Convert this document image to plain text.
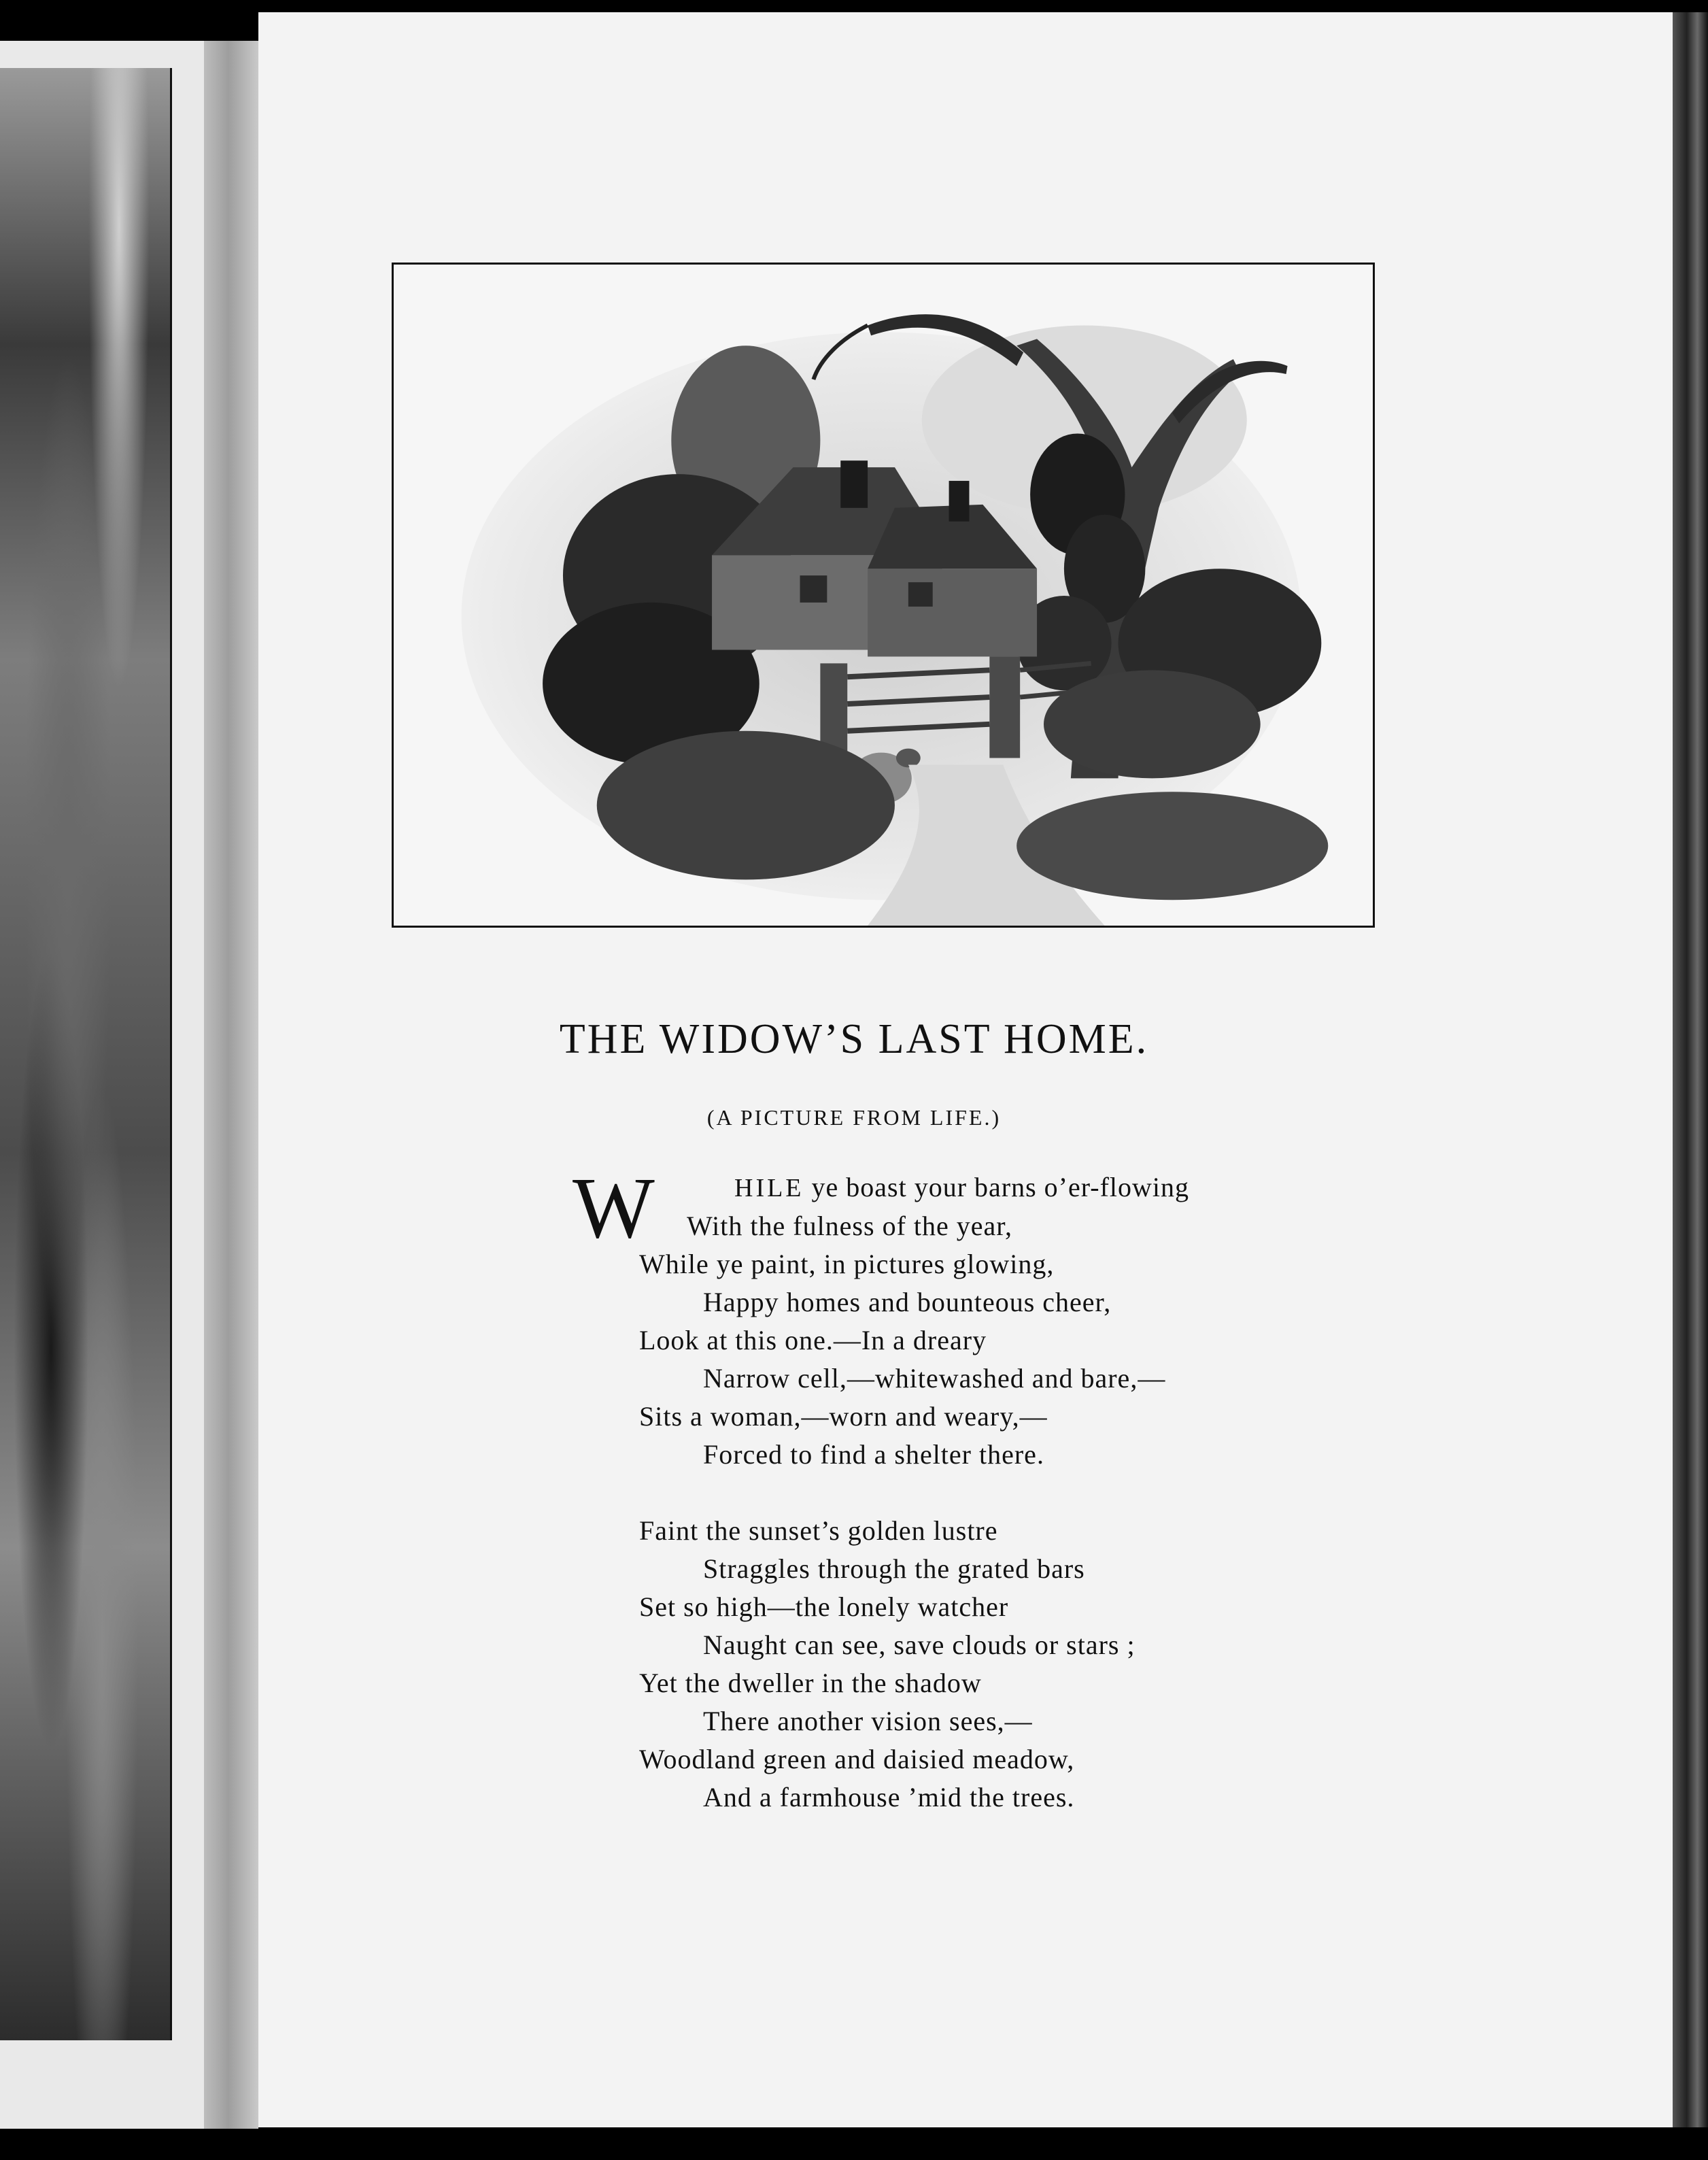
THE WIDOW’S LAST HOME.
(A PICTURE FROM LIFE.)
W	HILE ye boast your barns o’er-flowing
With the fulness of the year,
While ye paint, in pictures glowing,
Happy homes and bounteous cheer,
Look at this one.—In a dreary
Narrow cell,—whitewashed and bare,—
Sits a woman,—worn and weary,—
Forced to find a shelter there.
Faint the sunset’s golden lustre
Straggles through the grated bars
Set so high—the lonely watcher
Naught can see, save clouds or stars ;
Yet the dweller in the shadow
There another vision sees,—
Woodland green and daisied meadow,
And a farmhouse ’mid the trees.
